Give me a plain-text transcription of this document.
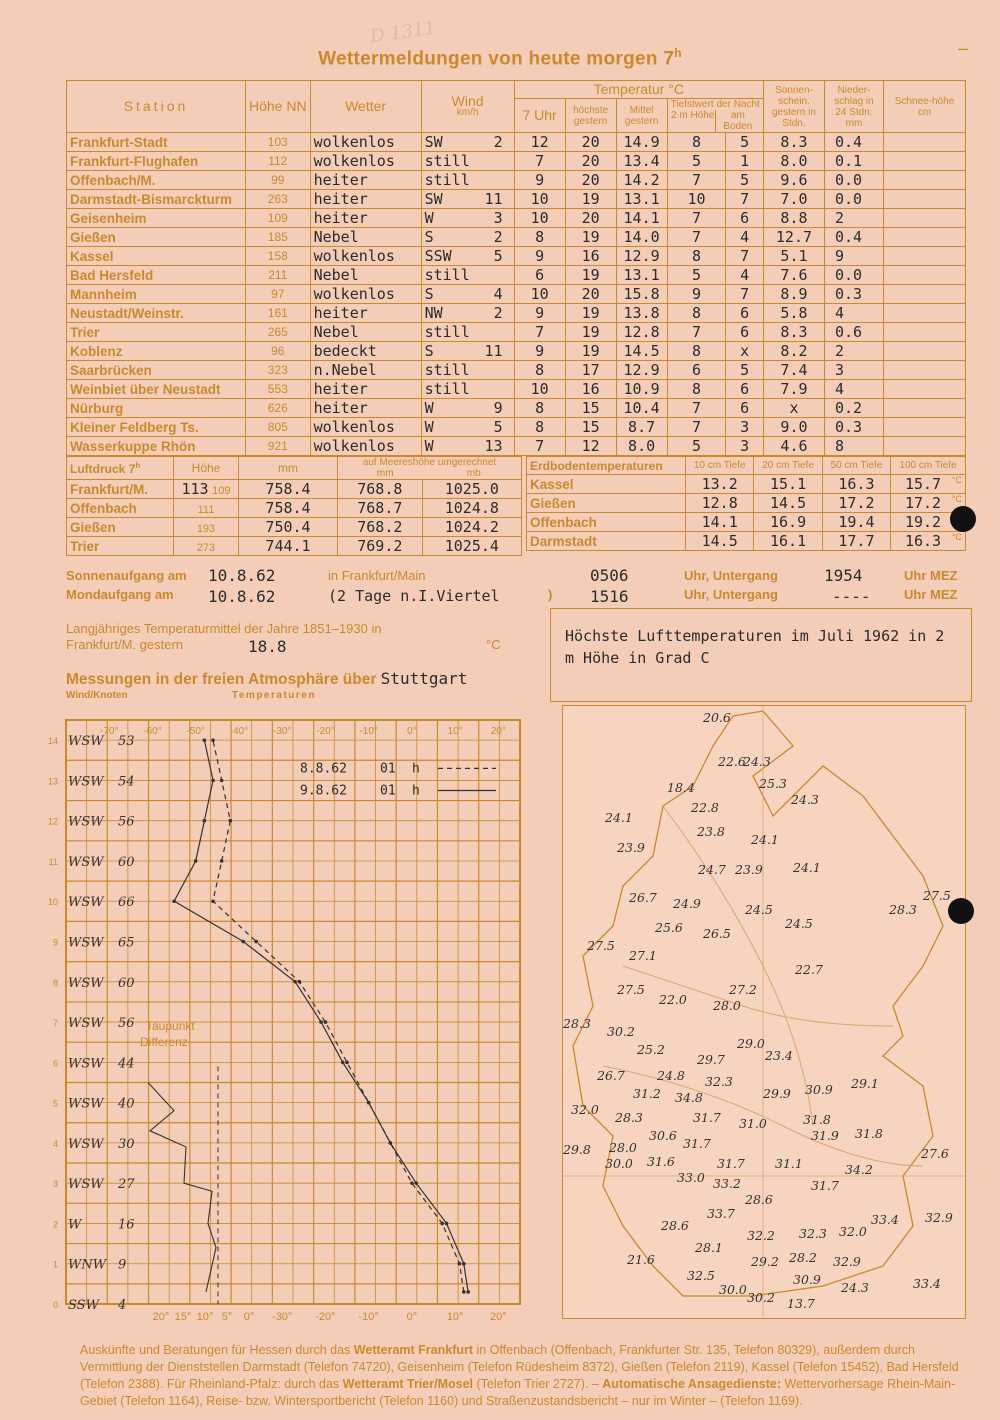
D 1311
–
Wettermeldungen von heute morgen 7$^h$
Station	Höhe NN	Wetter	Wind
km/h	Temperatur °C					Sonnen-schein. gestern in Stdn.	Nieder-schlag in 24 Stdn. mm	Schnee-höhe cm
				7 Uhr	höchste gestern	Mittel gestern	Tiefstwert der Nacht
2 m Höhe am Boden				

Frankfurt-Stadt	103	wolkenlos	SW 2	12	20	14.9	8	5	8.3	0.4	
Frankfurt-Flughafen	112	wolkenlos	still	7	20	13.4	5	1	8.0	0.1	
Offenbach/M.	99	heiter	still	9	20	14.2	7	5	9.6	0.0	
Darmstadt-Bismarckturm	263	heiter	SW 11	10	19	13.1	10	7	7.0	0.0	
Geisenheim	109	heiter	W 3	10	20	14.1	7	6	8.8	2	
Gießen	185	Nebel	S 2	8	19	14.0	7	4	12.7	0.4	
Kassel	158	wolkenlos	SSW 5	9	16	12.9	8	7	5.1	9	
Bad Hersfeld	211	Nebel	still	6	19	13.1	5	4	7.6	0.0	
Mannheim	97	wolkenlos	S 4	10	20	15.8	9	7	8.9	0.3	
Neustadt/Weinstr.	161	heiter	NW 2	9	19	13.8	8	6	5.8	4	
Trier	265	Nebel	still	7	19	12.8	7	6	8.3	0.6	
Koblenz	96	bedeckt	S 11	9	19	14.5	8	x	8.2	2	
Saarbrücken	323	n.Nebel	still	8	17	12.9	6	5	7.4	3	
Weinbiet über Neustadt	553	heiter	still	10	16	10.9	8	6	7.9	4	
Nürburg	626	heiter	W 9	8	15	10.4	7	6	x	0.2	
Kleiner Feldberg Ts.	805	wolkenlos	W 5	8	15	8.7	7	3	9.0	0.3	
Wasserkuppe Rhön	921	wolkenlos	W 13	7	12	8.0	5	3	4.6	8	
Luftdruck 7$^h$	Höhe	mm	auf Meereshöhe umgerechnet
mm mb	

Frankfurt/M.	113 109	758.4	768.8	1025.0
Offenbach	111	758.4	768.7	1024.8
Gießen	193	750.4	768.2	1024.2
Trier	273	744.1	769.2	1025.4
Erdbodentemperaturen	10 cm Tiefe	20 cm Tiefe	50 cm Tiefe	100 cm Tiefe
Kassel	13.2	15.1	16.3	15.7 °C

Gießen	12.8	14.5	17.2	17.2 °C

Offenbach	14.1	16.9	19.4	19.2

Darmstadt	14.5	16.1	17.7	16.3 °C
Sonnenaufgang am 10.8.62	in Frankfurt/Main	0506	Uhr, Untergang	1954	Uhr MEZ
Mondaufgang am 10.8.62	(2 Tage n.I.Viertel	) 1516	Uhr, Untergang	----	Uhr MEZ
Langjähriges Temperaturmittel der Jahre 1851–1930 in
Frankfurt/M. gestern	18.8	°C
Messungen in der freien Atmosphäre über Stuttgart
Wind/Knoten	Temperaturen
-70° -60° -50° -40° -30° -20° -10°	0°	10°	20°
-30° -20° -10°	0°	10° 20°
20° 15° 10° 5° 0°
14
13
12
11
10
9
8
7
6
5
4
3
2
1
0
WSW 53
WSW 54
WSW 56
WSW 60
WSW 66
WSW 65
WSW 60
WSW 56
WSW 44
WSW 40
WSW 30
WSW 27
W	16
WNW 9
SSW 4
Taupunkt
Differenz
8.8.62	01 h
9.8.62	01 h
Höchste Lufttemperaturen im Juli 1962 in 2 m Höhe in Grad C
20.6
22.6
24.3
25.3
18.4
24.3
22.8
24.1
23.8
24.1
23.9
24.1
24.7 23.9
27.5
26.7 24.9	24.5	28.3
24.5
25.6 26.5
27.5
27.1
22.7
27.5
22.0 28.0
27.2
28.3
30.2
29.0
25.2	23.4
29.7
26.7	24.8 32.3
31.2 34.8	29.9 30.9 29.1
32.0
28.3	31.7 31.0	31.8
30.6	31.9 31.8
29.8 28.0	31.7
30.0 31.6	31.7 31.1
27.6
34.2
33.0 33.2	31.7
28.6
33.7	33.4 32.9
28.6
32.2 32.3 32.0
28.1
21.6	29.2 28.2 32.9
32.5	30.9
30.0	24.3	33.4
30.2 13.7
Auskünfte und Beratungen für Hessen durch das Wetteramt Frankfurt in Offenbach (Offenbach, Frankfurter Str. 135, Telefon 80329), außerdem durch Vermittlung der Dienststellen Darmstadt (Telefon 74720), Geisenheim (Telefon Rüdesheim 8372), Gießen (Telefon 2119), Kassel (Telefon 15452), Bad Hersfeld (Telefon 2388). Für Rheinland-Pfalz: durch das Wetteramt Trier/Mosel (Telefon Trier 2727). – Automatische Ansagedienste: Wettervorhersage Rhein-Main-Gebiet (Telefon 1164), Reise- bzw. Wintersportbericht (Telefon 1160) und Straßenzustandsbericht – nur im Winter – (Telefon 1169).
